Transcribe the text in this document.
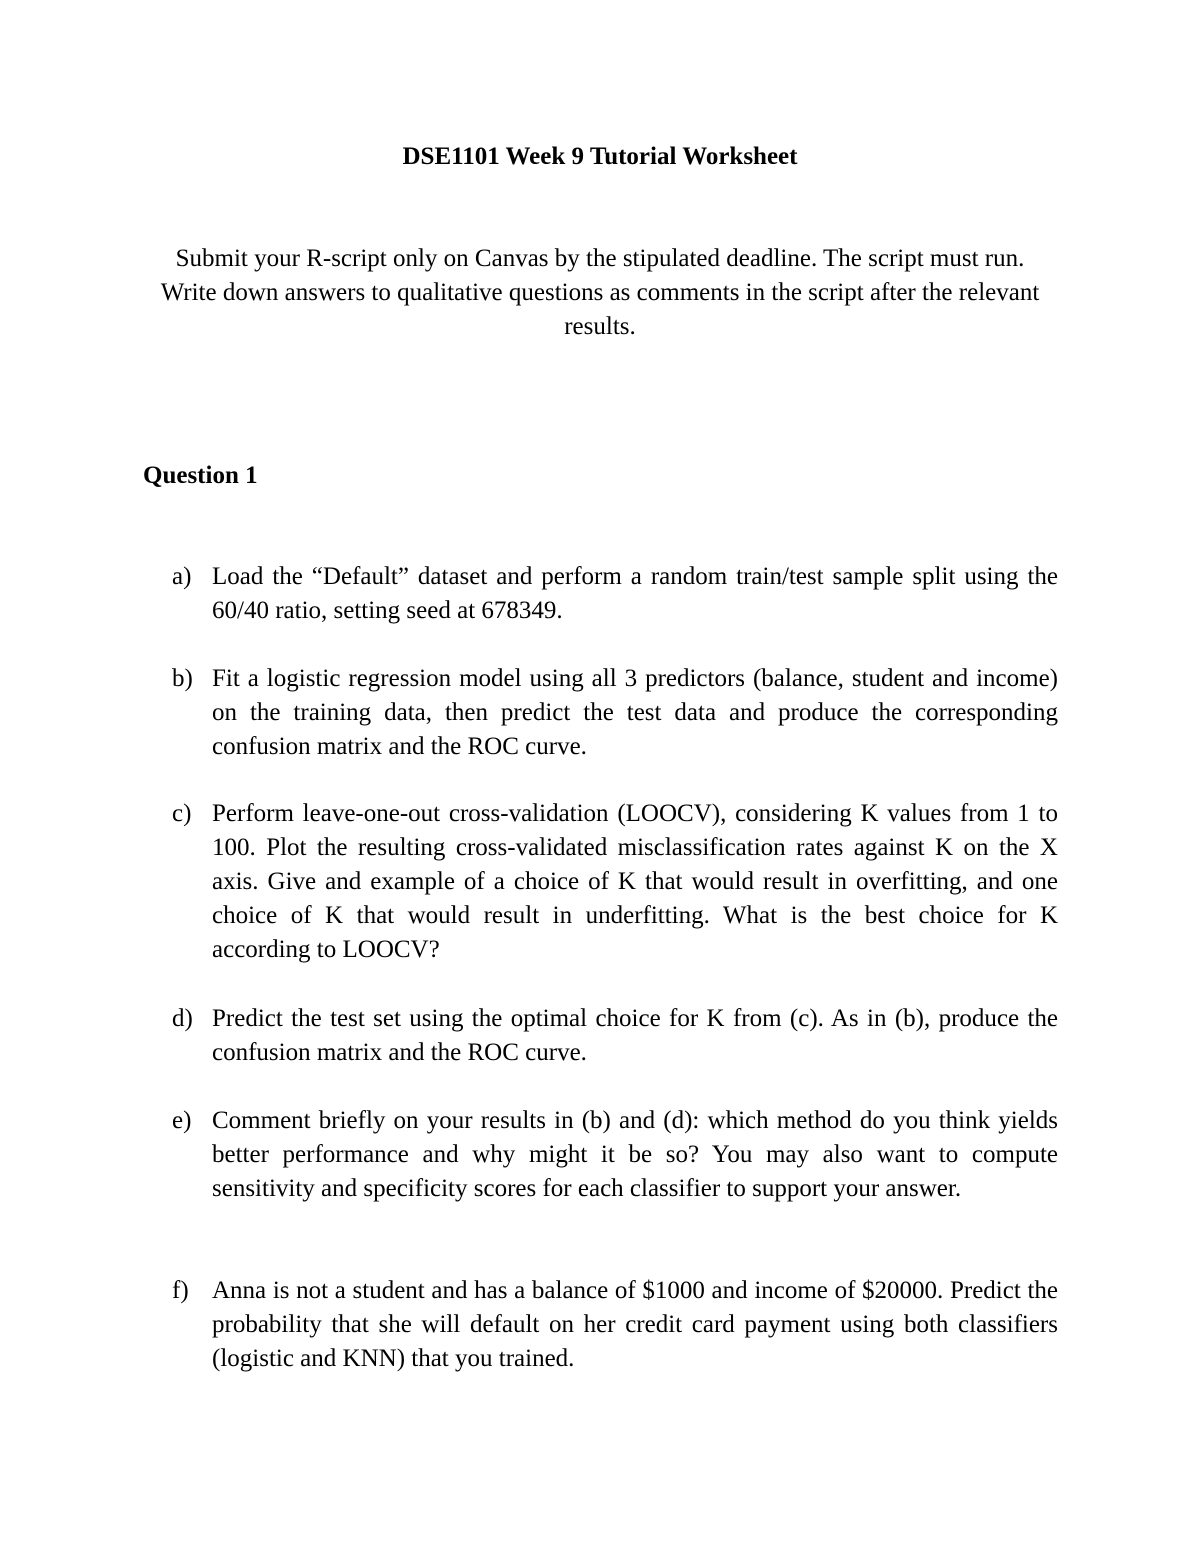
DSE1101 Week 9 Tutorial Worksheet

Submit your R-script only on Canvas by the stipulated deadline. The script must run. Write down answers to qualitative questions as comments in the script after the relevant results.

Question 1
a) Load the “Default” dataset and perform a random train/test sample split using the 60/40 ratio, setting seed at 678349.
b) Fit a logistic regression model using all 3 predictors (balance, student and income) on the training data, then predict the test data and produce the corresponding confusion matrix and the ROC curve.
c) Perform leave-one-out cross-validation (LOOCV), considering K values from 1 to 100. Plot the resulting cross-validated misclassification rates against K on the X axis. Give and example of a choice of K that would result in overfitting, and one choice of K that would result in underfitting. What is the best choice for K according to LOOCV?
d) Predict the test set using the optimal choice for K from (c). As in (b), produce the confusion matrix and the ROC curve.
e) Comment briefly on your results in (b) and (d): which method do you think yields better performance and why might it be so? You may also want to compute sensitivity and specificity scores for each classifier to support your answer.
f) Anna is not a student and has a balance of $1000 and income of $20000. Predict the probability that she will default on her credit card payment using both classifiers (logistic and KNN) that you trained.
